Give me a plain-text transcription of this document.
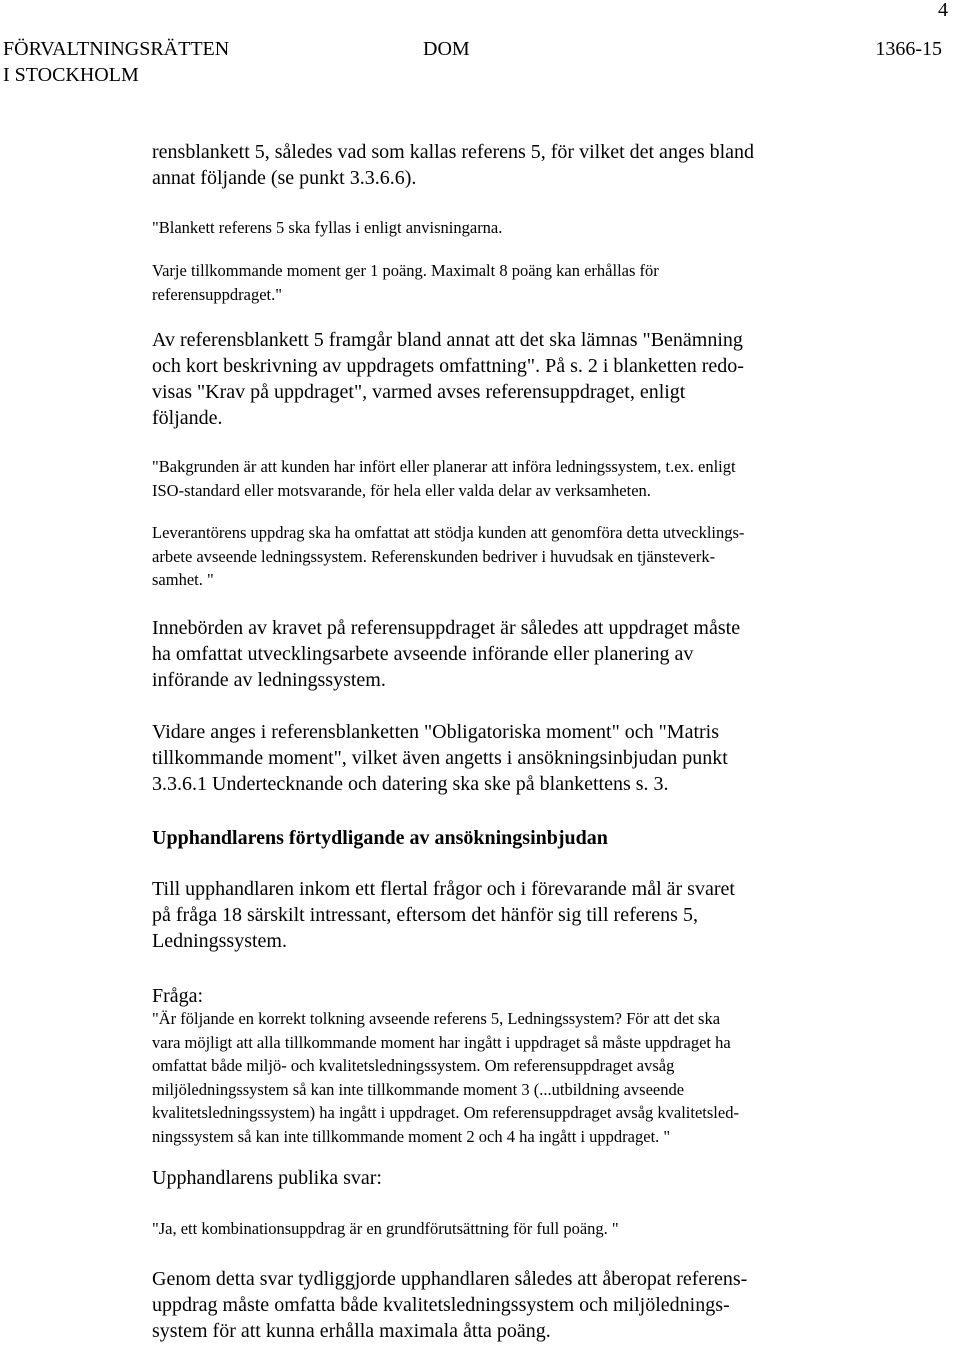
4
FÖRVALTNINGSRÄTTEN
I STOCKHOLM
DOM	1366-15
rensblankett 5, således vad som kallas referens 5, för vilket det anges bland
annat följande (se punkt 3.3.6.6).
"Blankett referens 5 ska fyllas i enligt anvisningarna.
Varje tillkommande moment ger 1 poäng. Maximalt 8 poäng kan erhållas för
referensuppdraget."
Av referensblankett 5 framgår bland annat att det ska lämnas "Benämning
och kort beskrivning av uppdragets omfattning". På s. 2 i blanketten redo-
visas "Krav på uppdraget", varmed avses referensuppdraget, enligt
följande.
"Bakgrunden är att kunden har infört eller planerar att införa ledningssystem, t.ex. enligt
ISO-standard eller motsvarande, för hela eller valda delar av verksamheten.
Leverantörens uppdrag ska ha omfattat att stödja kunden att genomföra detta utvecklings-
arbete avseende ledningssystem. Referenskunden bedriver i huvudsak en tjänsteverk-
samhet. "
Innebörden av kravet på referensuppdraget är således att uppdraget måste
ha omfattat utvecklingsarbete avseende införande eller planering av
införande av ledningssystem.
Vidare anges i referensblanketten "Obligatoriska moment" och "Matris
tillkommande moment", vilket även angetts i ansökningsinbjudan punkt
3.3.6.1 Undertecknande och datering ska ske på blankettens s. 3.
Upphandlarens förtydligande av ansökningsinbjudan
Till upphandlaren inkom ett flertal frågor och i förevarande mål är svaret
på fråga 18 särskilt intressant, eftersom det hänför sig till referens 5,
Ledningssystem.
Fråga:
"Är följande en korrekt tolkning avseende referens 5, Ledningssystem? För att det ska
vara möjligt att alla tillkommande moment har ingått i uppdraget så måste uppdraget ha
omfattat både miljö- och kvalitetsledningssystem. Om referensuppdraget avsåg
miljöledningssystem så kan inte tillkommande moment 3 (...utbildning avseende
kvalitetsledningssystem) ha ingått i uppdraget. Om referensuppdraget avsåg kvalitetsled-
ningssystem så kan inte tillkommande moment 2 och 4 ha ingått i uppdraget. "
Upphandlarens publika svar:
"Ja, ett kombinationsuppdrag är en grundförutsättning för full poäng. "
Genom detta svar tydliggjorde upphandlaren således att åberopat referens-
uppdrag måste omfatta både kvalitetsledningssystem och miljölednings-
system för att kunna erhålla maximala åtta poäng.
